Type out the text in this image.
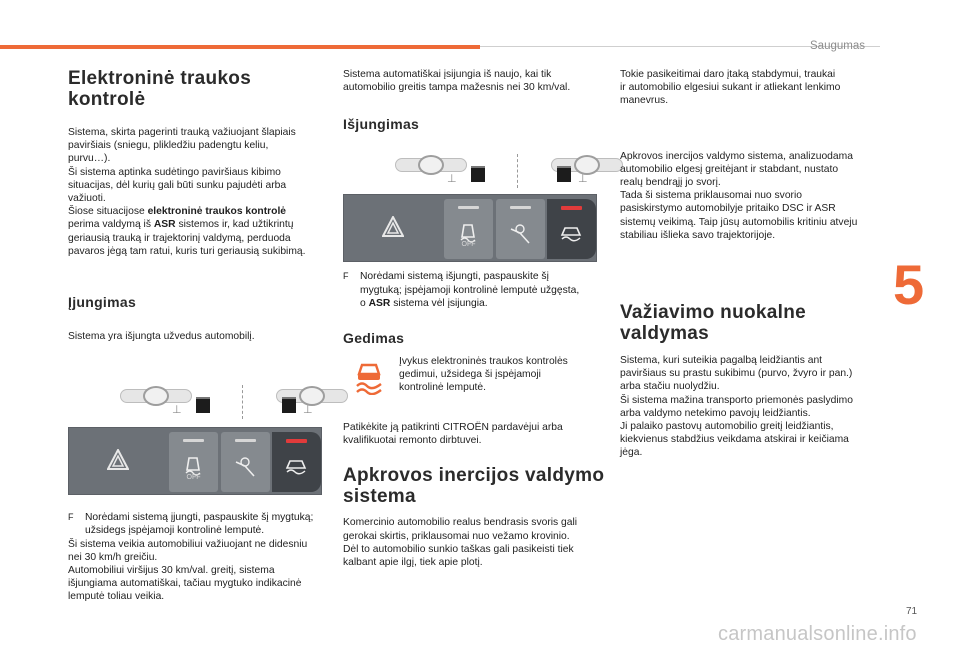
Saugumas
5
Elektroninė traukos
kontrolė
Sistema, skirta pagerinti trauką važiuojant šlapiais
paviršiais (sniegu, plikledžiu padengtu keliu,
purvu…).
Ši sistema aptinka sudėtingo paviršiaus kibimo
situacijas, dėl kurių gali būti sunku pajudėti arba
važiuoti.
Šiose situacijose elektroninė traukos kontrolė
perima valdymą iš ASR sistemos ir, kad užtikrintų
geriausią trauką ir trajektorinį valdymą, perduoda
pavaros jėgą tam ratui, kuris turi geriausią sukibimą.
Įjungimas
Sistema yra išjungta užvedus automobilį.
⊥	⊥
OFF
F Norėdami sistemą įjungti, paspauskite šį mygtuką;
užsidegs įspėjamoji kontrolinė lemputė.
Ši sistema veikia automobiliui važiuojant ne didesniu
nei 30 km/h greičiu.
Automobiliui viršijus 30 km/val. greitį, sistema
išjungiama automatiškai, tačiau mygtuko indikacinė
lemputė toliau veikia.
Sistema automatiškai įsijungia iš naujo, kai tik
automobilio greitis tampa mažesnis nei 30 km/val.
Išjungimas
⊥	⊥
OFF
F Norėdami sistemą išjungti, paspauskite šį
mygtuką; įspėjamoji kontrolinė lemputė užgęsta,
o ASR sistema vėl įsijungia.
Gedimas
Įvykus elektroninės traukos kontrolės
gedimui, užsidega ši įspėjamoji
kontrolinė lemputė.
Patikėkite ją patikrinti CITROËN pardavėjui arba
kvalifikuotai remonto dirbtuvei.
Apkrovos inercijos valdymo
sistema
Komercinio automobilio realus bendrasis svoris gali
gerokai skirtis, priklausomai nuo vežamo krovinio.
Dėl to automobilio sunkio taškas gali pasikeisti tiek
kalbant apie ilgį, tiek apie plotį.
Tokie pasikeitimai daro įtaką stabdymui, traukai
ir automobilio elgesiui sukant ir atliekant lenkimo
manevrus.
Apkrovos inercijos valdymo sistema, analizuodama
automobilio elgesį greitėjant ir stabdant, nustato
realų bendrąjį jo svorį.
Tada ši sistema priklausomai nuo svorio
pasiskirstymo automobilyje pritaiko DSC ir ASR
sistemų veikimą. Taip jūsų automobilis kritiniu atveju
stabiliau išlieka savo trajektorijoje.
Važiavimo nuokalne
valdymas
Sistema, kuri suteikia pagalbą leidžiantis ant
paviršiaus su prastu sukibimu (purvo, žvyro ir pan.)
arba stačiu nuolydžiu.
Ši sistema mažina transporto priemonės paslydimo
arba valdymo netekimo pavojų leidžiantis.
Ji palaiko pastovų automobilio greitį leidžiantis,
kiekvienus stabdžius veikdama atskirai ir keičiama
jėga.
71
carmanualsonline.info
